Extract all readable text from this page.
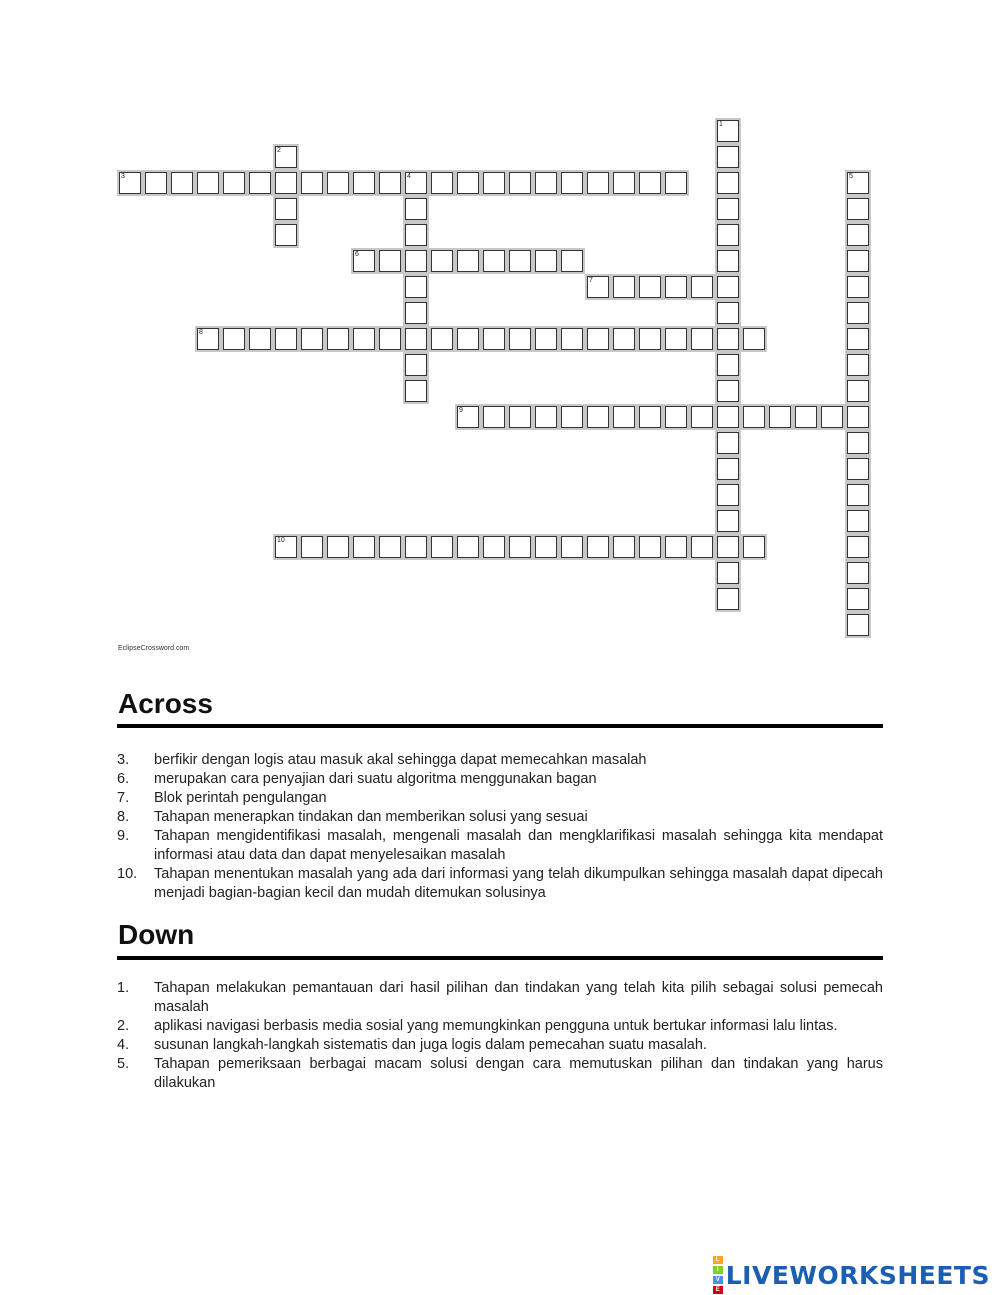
1
2
3	4	5
6
7
8
9
10
EclipseCrossword.com
Across
3.	berfikir dengan logis atau masuk akal sehingga dapat memecahkan masalah
6.	merupakan cara penyajian dari suatu algoritma menggunakan bagan
7.	Blok perintah pengulangan
8.	Tahapan menerapkan tindakan dan memberikan solusi yang sesuai
9.	Tahapan mengidentifikasi masalah, mengenali masalah dan mengklarifikasi masalah sehingga kita mendapat informasi atau data dan dapat menyelesaikan masalah
10.	Tahapan menentukan masalah yang ada dari informasi yang telah dikumpulkan sehingga masalah dapat dipecah menjadi bagian-bagian kecil dan mudah ditemukan solusinya
Down
1.	Tahapan melakukan pemantauan dari hasil pilihan dan tindakan yang telah kita pilih sebagai solusi pemecah masalah
2.	aplikasi navigasi berbasis media sosial yang memungkinkan pengguna untuk bertukar informasi lalu lintas.
4.	susunan langkah-langkah sistematis dan juga logis dalam pemecahan suatu masalah.
5.	Tahapan pemeriksaan berbagai macam solusi dengan cara memutuskan pilihan dan tindakan yang harus dilakukan
L
I
V
E
LIVEWORKSHEETS
